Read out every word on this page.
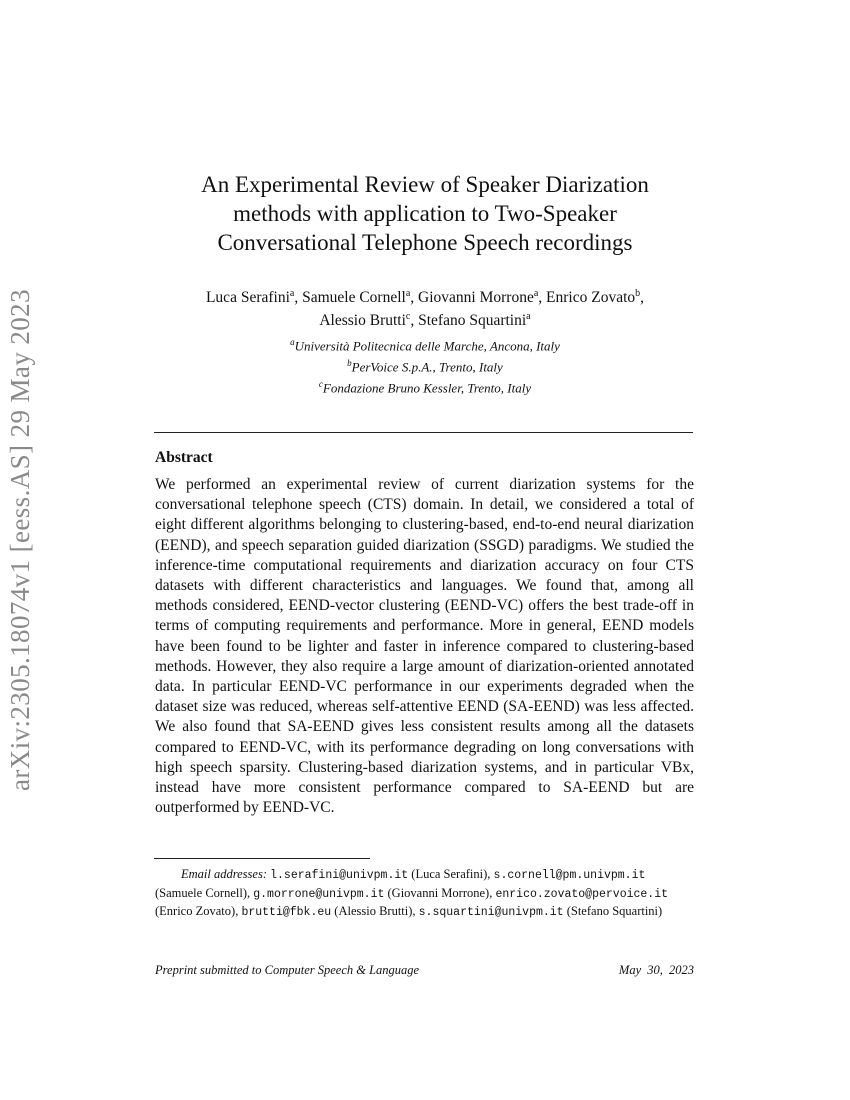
arXiv:2305.18074v1 [eess.AS] 29 May 2023
An Experimental Review of Speaker Diarization
methods with application to Two-Speaker
Conversational Telephone Speech recordings
Luca Serafini$^a$, Samuele Cornell$^a$, Giovanni Morrone$^a$, Enrico Zovato$^b$,
Alessio Brutti$^c$, Stefano Squartini$^a$
$^a$Università Politecnica delle Marche, Ancona, Italy
$^b$PerVoice S.p.A., Trento, Italy
$^c$Fondazione Bruno Kessler, Trento, Italy
Abstract
We performed an experimental review of current diarization systems for the conversational telephone speech (CTS) domain. In detail, we considered a total of eight different algorithms belonging to clustering-based, end-to-end neural diarization (EEND), and speech separation guided diarization (SSGD) paradigms. We studied the inference-time computational requirements and diarization accuracy on four CTS datasets with different characteristics and languages. We found that, among all methods considered, EEND-vector clustering (EEND-VC) offers the best trade-off in terms of computing requirements and performance. More in general, EEND models have been found to be lighter and faster in inference compared to clustering-based methods. However, they also require a large amount of diarization-oriented annotated data. In particular EEND-VC performance in our experiments degraded when the dataset size was reduced, whereas self-attentive EEND (SA-EEND) was less affected. We also found that SA-EEND gives less consistent results among all the datasets compared to EEND-VC, with its performance degrading on long conversations with high speech sparsity. Clustering-based diarization systems, and in particular VBx, instead have more consistent performance compared to SA-EEND but are outperformed by EEND-VC.
Email addresses: l.serafini@univpm.it (Luca Serafini), s.cornell@pm.univpm.it (Samuele Cornell), g.morrone@univpm.it (Giovanni Morrone), enrico.zovato@pervoice.it (Enrico Zovato), brutti@fbk.eu (Alessio Brutti), s.squartini@univpm.it (Stefano Squartini)
Preprint submitted to Computer Speech & Language	May 30, 2023
